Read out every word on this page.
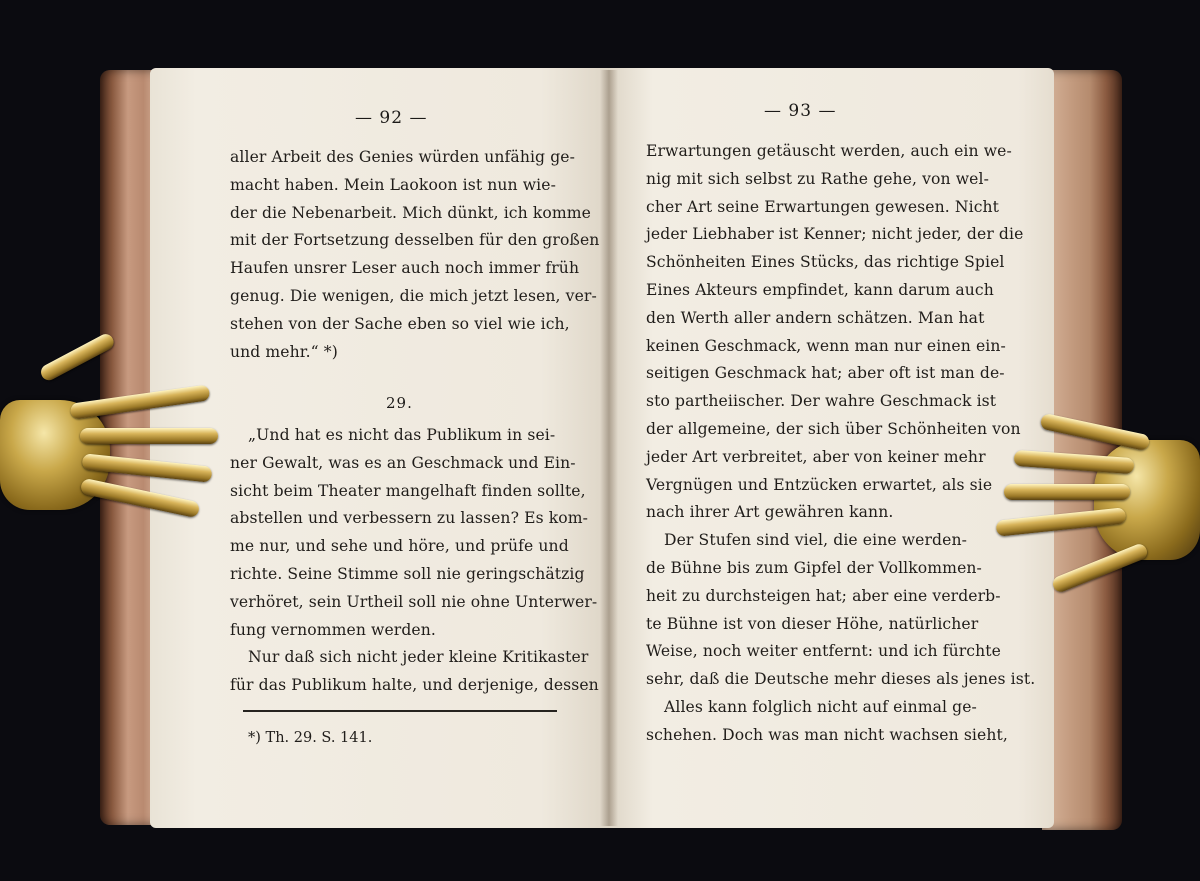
— 92 —
aller Arbeit des Genies würden unfähig ge-
macht haben. Mein Laokoon ist nun wie-
der die Nebenarbeit. Mich dünkt, ich komme
mit der Fortsetzung desselben für den großen
Haufen unsrer Leser auch noch immer früh
genug. Die wenigen, die mich jetzt lesen, ver-
stehen von der Sache eben so viel wie ich,
und mehr.“ *)
29.
„Und hat es nicht das Publikum in sei-
ner Gewalt, was es an Geschmack und Ein-
sicht beim Theater mangelhaft finden sollte,
abstellen und verbessern zu lassen? Es kom-
me nur, und sehe und höre, und prüfe und
richte. Seine Stimme soll nie geringschätzig
verhöret, sein Urtheil soll nie ohne Unterwer-
fung vernommen werden.
Nur daß sich nicht jeder kleine Kritikaster
für das Publikum halte, und derjenige, dessen
*) Th. 29. S. 141.
— 93 —
Erwartungen getäuscht werden, auch ein we-
nig mit sich selbst zu Rathe gehe, von wel-
cher Art seine Erwartungen gewesen. Nicht
jeder Liebhaber ist Kenner; nicht jeder, der die
Schönheiten Eines Stücks, das richtige Spiel
Eines Akteurs empfindet, kann darum auch
den Werth aller andern schätzen. Man hat
keinen Geschmack, wenn man nur einen ein-
seitigen Geschmack hat; aber oft ist man de-
sto partheiischer. Der wahre Geschmack ist
der allgemeine, der sich über Schönheiten von
jeder Art verbreitet, aber von keiner mehr
Vergnügen und Entzücken erwartet, als sie
nach ihrer Art gewähren kann.
Der Stufen sind viel, die eine werden-
de Bühne bis zum Gipfel der Vollkommen-
heit zu durchsteigen hat; aber eine verderb-
te Bühne ist von dieser Höhe, natürlicher
Weise, noch weiter entfernt: und ich fürchte
sehr, daß die Deutsche mehr dieses als jenes ist.
Alles kann folglich nicht auf einmal ge-
schehen. Doch was man nicht wachsen sieht,
